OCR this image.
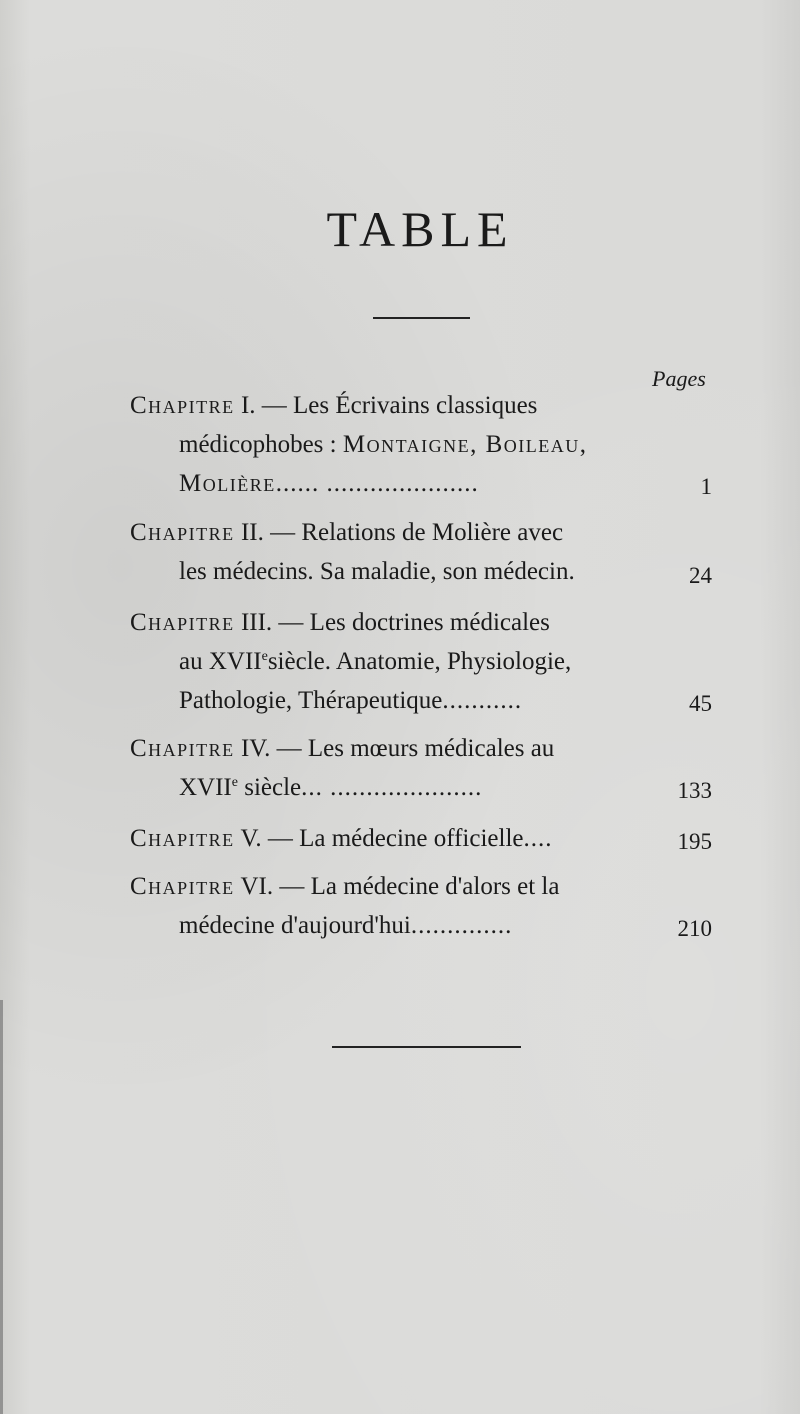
TABLE
Pages
Chapitre I. — Les Écrivains classiques
médicophobes : Montaigne, Boileau,
Molière...... .....................	1
Chapitre II. — Relations de Molière avec
les médecins. Sa maladie, son médecin.	24
Chapitre III. — Les doctrines médicales
au XVIIesiècle. Anatomie, Physiologie,
Pathologie, Thérapeutique...........	45
Chapitre IV. — Les mœurs médicales au
XVIIe siècle... .....................	133
Chapitre V. — La médecine officielle....	195
Chapitre VI. — La médecine d'alors et la
médecine d'aujourd'hui..............	210
